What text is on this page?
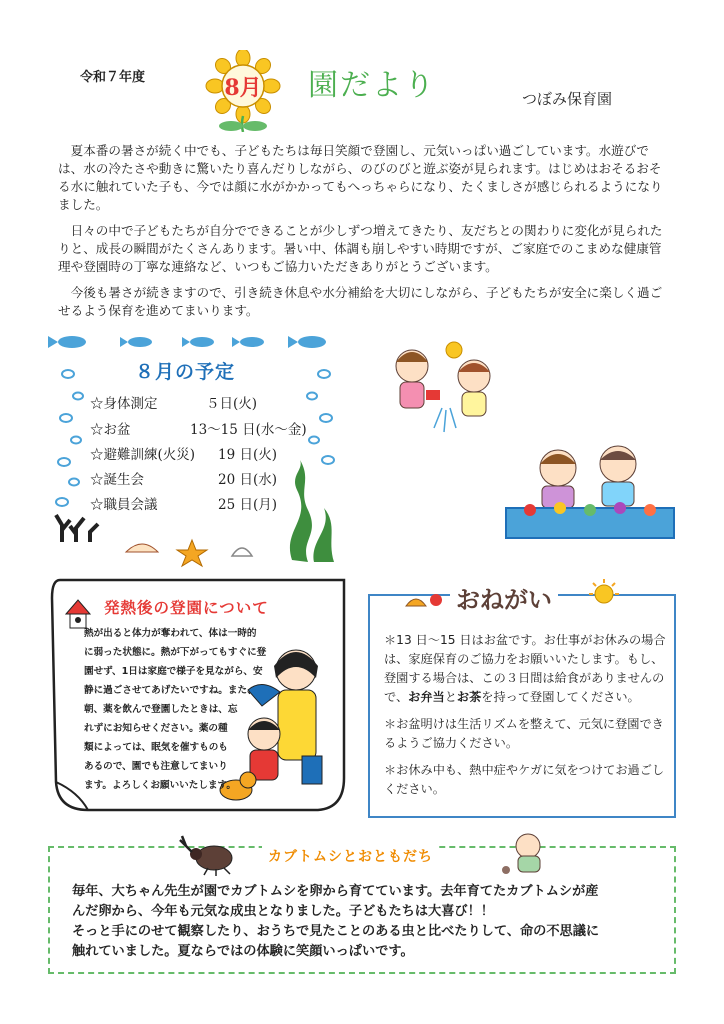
令和７年度	8月 園だより	つぼみ保育園

夏本番の暑さが続く中でも、子どもたちは毎日笑顔で登園し、元気いっぱい過ごしています。水遊びでは、水の冷たさや動きに驚いたり喜んだりしながら、のびのびと遊ぶ姿が見られます。はじめはおそるおそる水に触れていた子も、今では顔に水がかかってもへっちゃらになり、たくましさが感じられるようになりました。

日々の中で子どもたちが自分でできることが少しずつ増えてきたり、友だちとの関わりに変化が見られたりと、成長の瞬間がたくさんあります。暑い中、体調も崩しやすい時期ですが、ご家庭でのこまめな健康管理や登園時の丁寧な連絡など、いつもご協力いただきありがとうございます。

今後も暑さが続きますので、引き続き休息や水分補給を大切にしながら、子どもたちが安全に楽しく過ごせるよう保育を進めてまいります。

８月の予定
☆身体測定	５日(火)
☆お盆	13～15 日(水～金)
☆避難訓練(火災) 19 日(火)
☆誕生会	20 日(水)
☆職員会議	25 日(月)
発熱後の登園について
熱が出ると体力が奪われて、体は一時的
に弱った状態に。熱が下がってもすぐに登
園せず、1日は家庭で様子を見ながら、安
静に過ごさせてあげたいですね。また、
朝、薬を飲んで登園したときは、忘
れずにお知らせください。薬の種
類によっては、眠気を催すものも
あるので、園でも注意してまいり
ます。よろしくお願いいたします。
おねがい

＊13 日～15 日はお盆です。お仕事がお休みの場合は、家庭保育のご協力をお願いいたします。もし、登園する場合は、この３日間は給食がありませんので、お弁当とお茶を持って登園してください。

＊お盆明けは生活リズムを整えて、元気に登園できるようご協力ください。

＊お休み中も、熱中症やケガに気をつけてお過ごしください。

カブトムシとおともだち
毎年、大ちゃん先生が園でカブトムシを卵から育てています。去年育てたカブトムシが産
んだ卵から、今年も元気な成虫となりました。子どもたちは大喜び！！
そっと手にのせて観察したり、おうちで見たことのある虫と比べたりして、命の不思議に
触れていました。夏ならではの体験に笑顔いっぱいです。
